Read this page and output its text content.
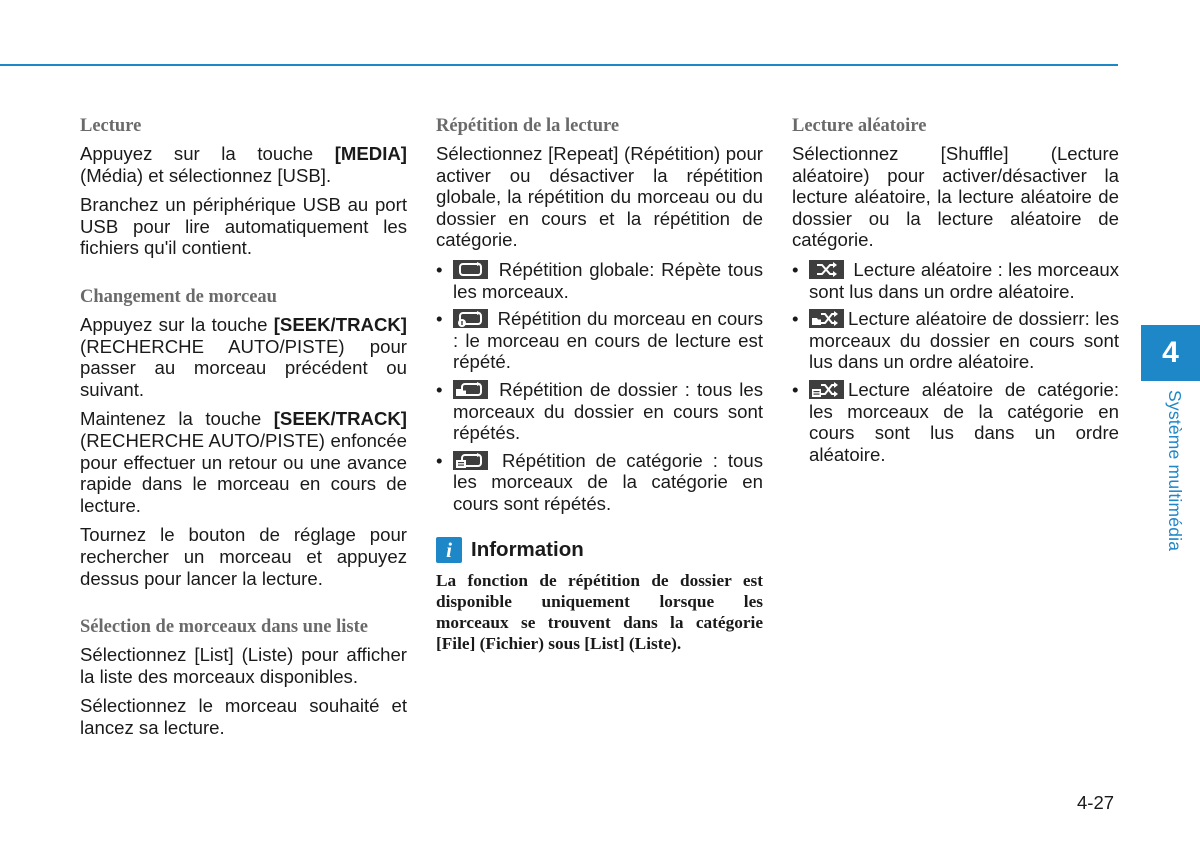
Lecture

Appuyez sur la touche [MEDIA] (Média) et sélectionnez [USB].

Branchez un périphérique USB au port USB pour lire automatiquement les fichiers qu'il contient.

Changement de morceau

Appuyez sur la touche [SEEK/TRACK] (RECHERCHE AUTO/PISTE) pour passer au morceau précédent ou suivant.

Maintenez la touche [SEEK/TRACK] (RECHERCHE AUTO/PISTE) enfoncée pour effectuer un retour ou une avance rapide dans le morceau en cours de lecture.

Tournez le bouton de réglage pour rechercher un morceau et appuyez dessus pour lancer la lecture.

Sélection de morceaux dans une liste

Sélectionnez [List] (Liste) pour afficher la liste des morceaux disponibles.

Sélectionnez le morceau souhaité et lancez sa lecture.

Répétition de la lecture

Sélectionnez [Repeat] (Répétition) pour activer ou désactiver la répétition globale, la répétition du morceau ou du dossier en cours et la répétition de catégorie.

•	Répétition globale: Répète tous les morceaux.
•	Répétition du morceau en cours : le morceau en cours de lecture est répété.
•	Répétition de dossier : tous les morceaux du dossier en cours sont répétés.
•	Répétition de catégorie : tous les morceaux de la catégorie en cours sont répétés.
i Information

La fonction de répétition de dossier est disponible uniquement lorsque les morceaux se trouvent dans la catégorie [File] (Fichier) sous [List] (Liste).

Lecture aléatoire

Sélectionnez [Shuffle] (Lecture aléatoire) pour activer/désactiver la lecture aléatoire, la lecture aléatoire de dossier ou la lecture aléatoire de catégorie.

•	Lecture aléatoire : les morceaux sont lus dans un ordre aléatoire.
•	Lecture aléatoire de dossierr: les morceaux du dossier en cours sont lus dans un ordre aléatoire.
•	Lecture aléatoire de catégorie: les morceaux de la catégorie en cours sont lus dans un ordre aléatoire.
4
Système multimédia
4-27
